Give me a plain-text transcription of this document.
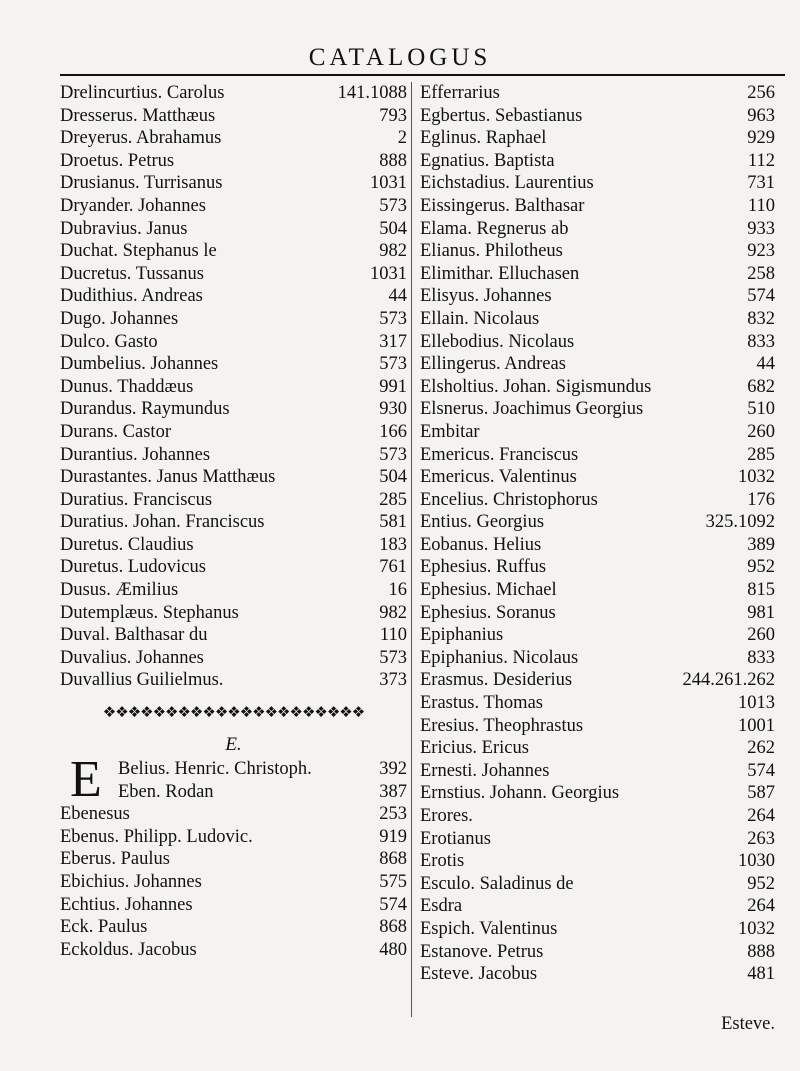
CATALOGUS
Drelincurtius. Carolus	141.1088
Dresserus. Matthæus	793
Dreyerus. Abrahamus	2
Droetus. Petrus	888
Drusianus. Turrisanus	1031
Dryander. Johannes	573
Dubravius. Janus	504
Duchat. Stephanus le	982
Ducretus. Tussanus	1031
Dudithius. Andreas	44
Dugo. Johannes	573
Dulco. Gasto	317
Dumbelius. Johannes	573
Dunus. Thaddæus	991
Durandus. Raymundus	930
Durans. Castor	166
Durantius. Johannes	573
Durastantes. Janus Matthæus	504
Duratius. Franciscus	285
Duratius. Johan. Franciscus	581
Duretus. Claudius	183
Duretus. Ludovicus	761
Dusus. Æmilius	16
Dutemplæus. Stephanus	982
Duval. Balthasar du	110
Duvalius. Johannes	573
Duvallius Guilielmus.	373
❖❖❖❖❖❖❖❖❖❖❖❖❖❖❖❖❖❖❖❖❖
E.
E Belius. Henric. Christoph.	392
Eben. Rodan	387
Ebenesus	253
Ebenus. Philipp. Ludovic.	919
Eberus. Paulus	868
Ebichius. Johannes	575
Echtius. Johannes	574
Eck. Paulus	868
Eckoldus. Jacobus	480
Efferrarius	256
Egbertus. Sebastianus	963
Eglinus. Raphael	929
Egnatius. Baptista	112
Eichstadius. Laurentius	731
Eissingerus. Balthasar	110
Elama. Regnerus ab	933
Elianus. Philotheus	923
Elimithar. Elluchasen	258
Elisyus. Johannes	574
Ellain. Nicolaus	832
Ellebodius. Nicolaus	833
Ellingerus. Andreas	44
Elsholtius. Johan. Sigismundus	682
Elsnerus. Joachimus Georgius	510
Embitar	260
Emericus. Franciscus	285
Emericus. Valentinus	1032
Encelius. Christophorus	176
Entius. Georgius	325.1092
Eobanus. Helius	389
Ephesius. Ruffus	952
Ephesius. Michael	815
Ephesius. Soranus	981
Epiphanius	260
Epiphanius. Nicolaus	833
Erasmus. Desiderius	244.261.262
Erastus. Thomas	1013
Eresius. Theophrastus	1001
Ericius. Ericus	262
Ernesti. Johannes	574
Ernstius. Johann. Georgius	587
Erores.	264
Erotianus	263
Erotis	1030
Esculo. Saladinus de	952
Esdra	264
Espich. Valentinus	1032
Estanove. Petrus	888
Esteve. Jacobus	481
Esteve.
